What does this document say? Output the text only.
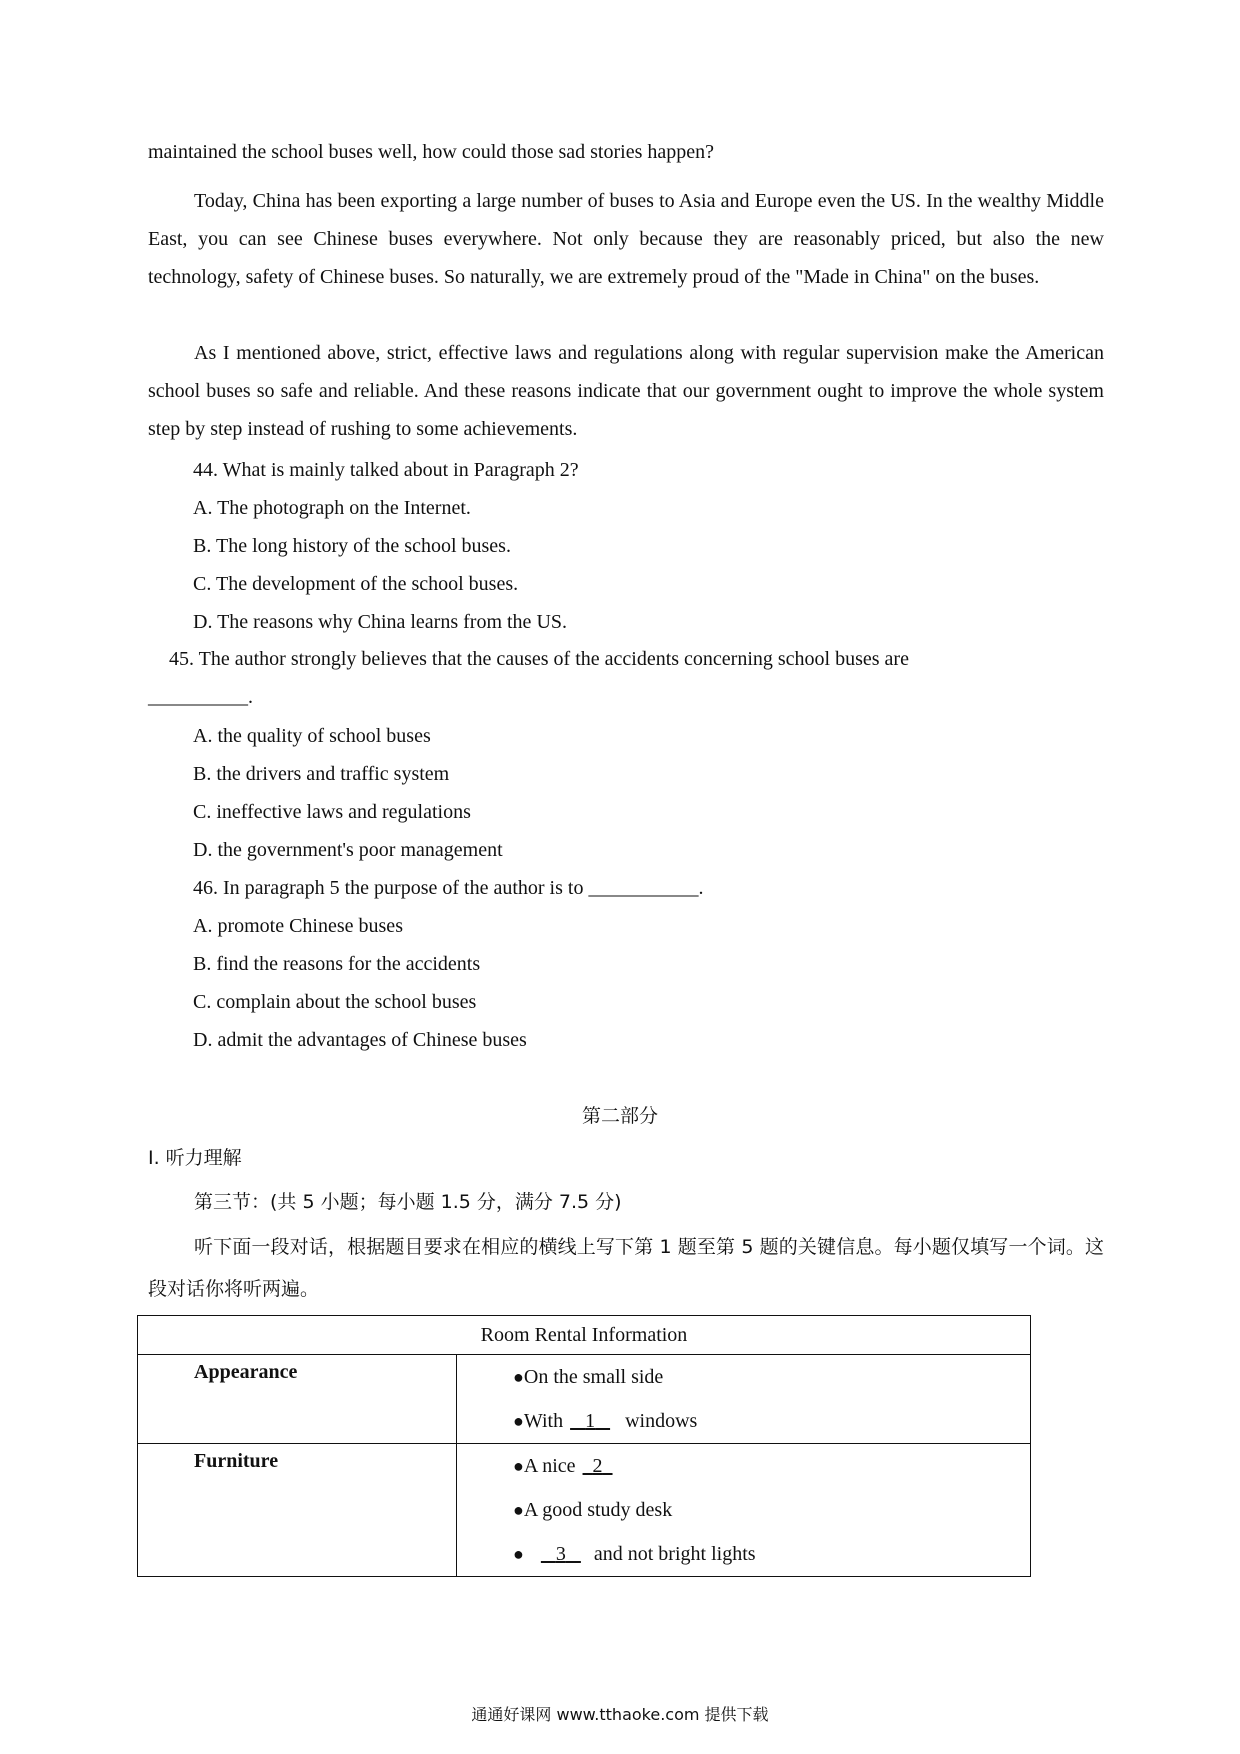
maintained the school buses well, how could those sad stories happen?

Today, China has been exporting a large number of buses to Asia and Europe even the US. In the wealthy Middle East, you can see Chinese buses everywhere. Not only because they are reasonably priced, but also the new technology, safety of Chinese buses. So naturally, we are extremely proud of the "Made in China" on the buses.

As I mentioned above, strict, effective laws and regulations along with regular supervision make the American school buses so safe and reliable. And these reasons indicate that our government ought to improve the whole system step by step instead of rushing to some achievements.

44. What is mainly talked about in Paragraph 2?

A. The photograph on the Internet.

B. The long history of the school buses.

C. The development of the school buses.

D. The reasons why China learns from the US.

45. The author strongly believes that the causes of the accidents concerning school buses are

__________.

A. the quality of school buses

B. the drivers and traffic system

C. ineffective laws and regulations

D. the government's poor management

46. In paragraph 5 the purpose of the author is to ___________.

A. promote Chinese buses

B. find the reasons for the accidents

C. complain about the school buses

D. admit the advantages of Chinese buses

第二部分

I. 听力理解

第三节：(共 5 小题；每小题 1.5 分，满分 7.5 分)

听下面一段对话，根据题目要求在相应的横线上写下第 1 题至第 5 题的关键信息。每小题仅填写一个词。这段对话你将听两遍。

Room Rental Information	
Appearance	●On the small side
●With    1    windows

Furniture	●A nice   2
●A good study desk
● 3    and not bright lights
通通好课网 www.tthaoke.com 提供下载
